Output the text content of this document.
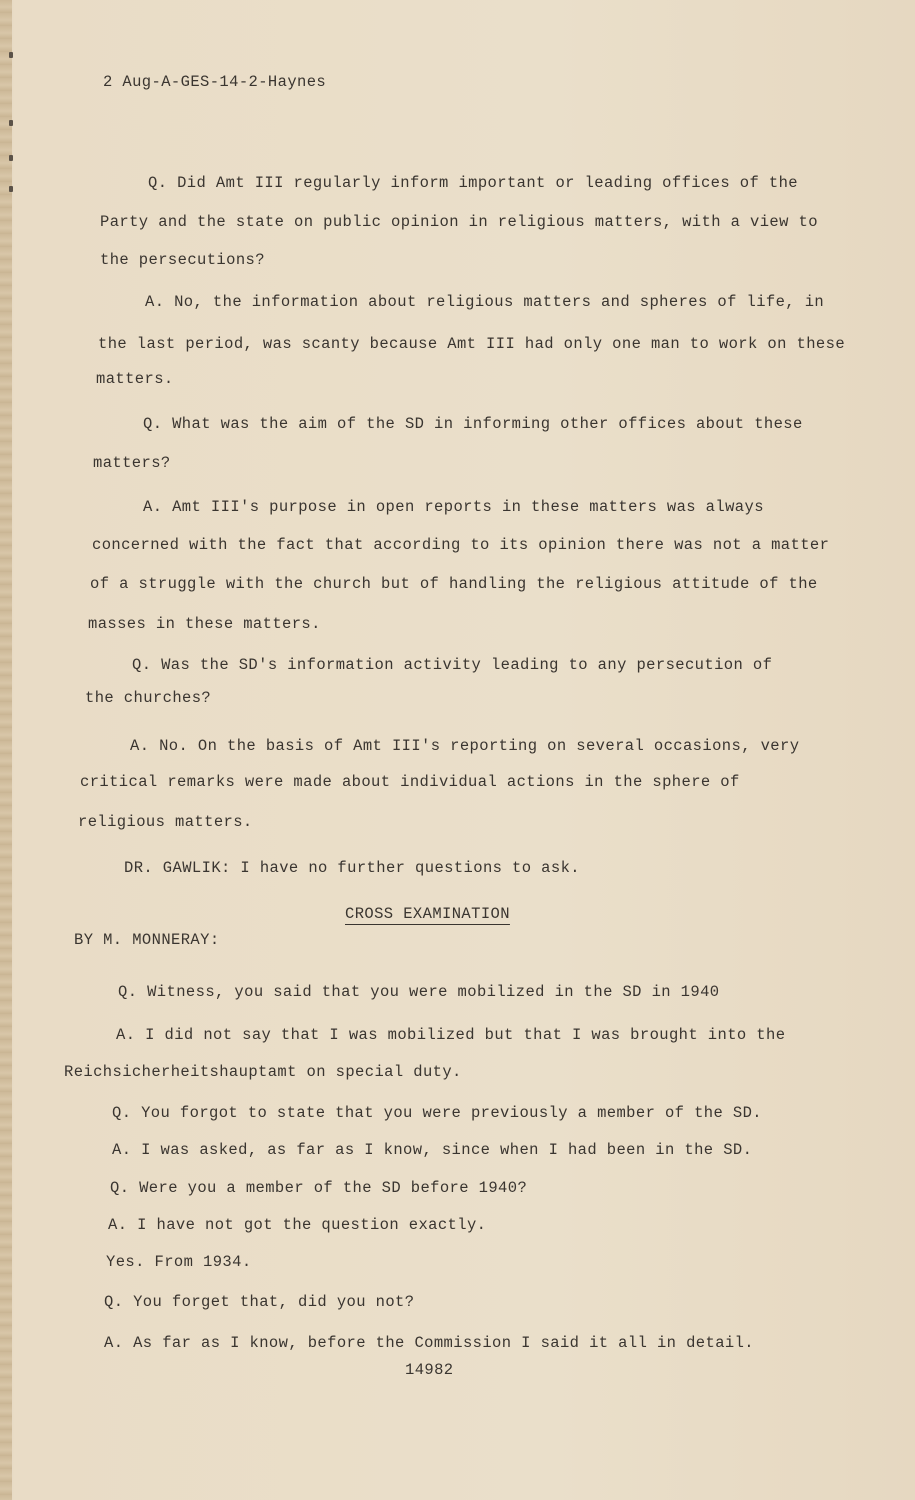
2 Aug-A-GES-14-2-Haynes
Q. Did Amt III regularly inform important or leading offices of the
Party and the state on public opinion in religious matters, with a view to
the persecutions?
A. No, the information about religious matters and spheres of life, in
the last period, was scanty because Amt III had only one man to work on these
matters.
Q. What was the aim of the SD in informing other offices about these
matters?
A. Amt III's purpose in open reports in these matters was always
concerned with the fact that according to its opinion there was not a matter
of a struggle with the church but of handling the religious attitude of the
masses in these matters.
Q. Was the SD's information activity leading to any persecution of
the churches?
A. No. On the basis of Amt III's reporting on several occasions, very
critical remarks were made about individual actions in the sphere of
religious matters.
DR. GAWLIK: I have no further questions to ask.
CROSS EXAMINATION
BY M. MONNERAY:
Q. Witness, you said that you were mobilized in the SD in 1940
A. I did not say that I was mobilized but that I was brought into the
Reichsicherheitshauptamt on special duty.
Q. You forgot to state that you were previously a member of the SD.
A. I was asked, as far as I know, since when I had been in the SD.
Q. Were you a member of the SD before 1940?
A. I have not got the question exactly.
Yes. From 1934.
Q. You forget that, did you not?
A. As far as I know, before the Commission I said it all in detail.
14982
